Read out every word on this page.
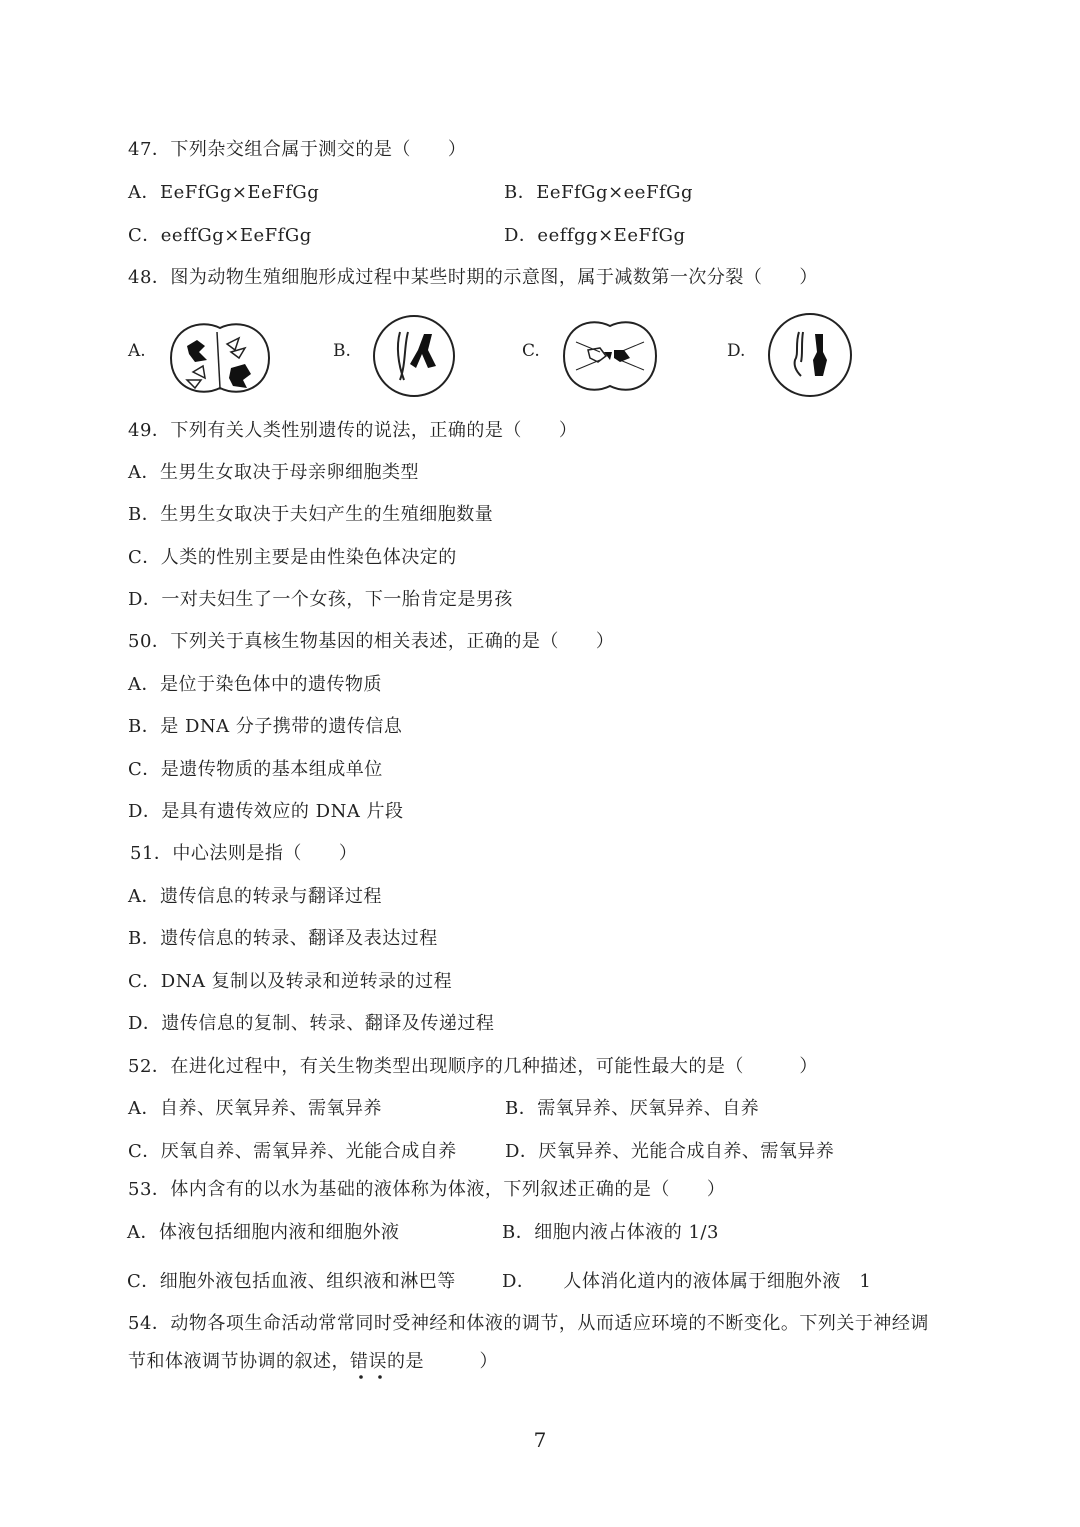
47．下列杂交组合属于测交的是（　　）
A．EeFfGg×EeFfGg	B．EeFfGg×eeFfGg
C．eeffGg×EeFfGg	D．eeffgg×EeFfGg
48．图为动物生殖细胞形成过程中某些时期的示意图，属于减数第一次分裂（　　）
A.	B.	C.	D.
49．下列有关人类性别遗传的说法，正确的是（　　）
A．生男生女取决于母亲卵细胞类型
B．生男生女取决于夫妇产生的生殖细胞数量
C．人类的性别主要是由性染色体决定的
D．一对夫妇生了一个女孩，下一胎肯定是男孩
50．下列关于真核生物基因的相关表述，正确的是（　　）
A．是位于染色体中的遗传物质
B．是 DNA 分子携带的遗传信息
C．是遗传物质的基本组成单位
D．是具有遗传效应的 DNA 片段
51．中心法则是指（　　）
A．遗传信息的转录与翻译过程
B．遗传信息的转录、翻译及表达过程
C．DNA 复制以及转录和逆转录的过程
D．遗传信息的复制、转录、翻译及传递过程
52．在进化过程中，有关生物类型出现顺序的几种描述，可能性最大的是（　　　）
A．自养、厌氧异养、需氧异养	B．需氧异养、厌氧异养、自养
C．厌氧自养、需氧异养、光能合成自养	D．厌氧异养、光能合成自养、需氧异养
53．体内含有的以水为基础的液体称为体液，下列叙述正确的是（　　）
A．体液包括细胞内液和细胞外液	B．细胞内液占体液的 1/3
C．细胞外液包括血液、组织液和淋巴等	D．　　人体消化道内的液体属于细胞外液　1
54．动物各项生命活动常常同时受神经和体液的调节，从而适应环境的不断变化。下列关于神经调
节和体液调节协调的叙述，错误的是　　　）
7
